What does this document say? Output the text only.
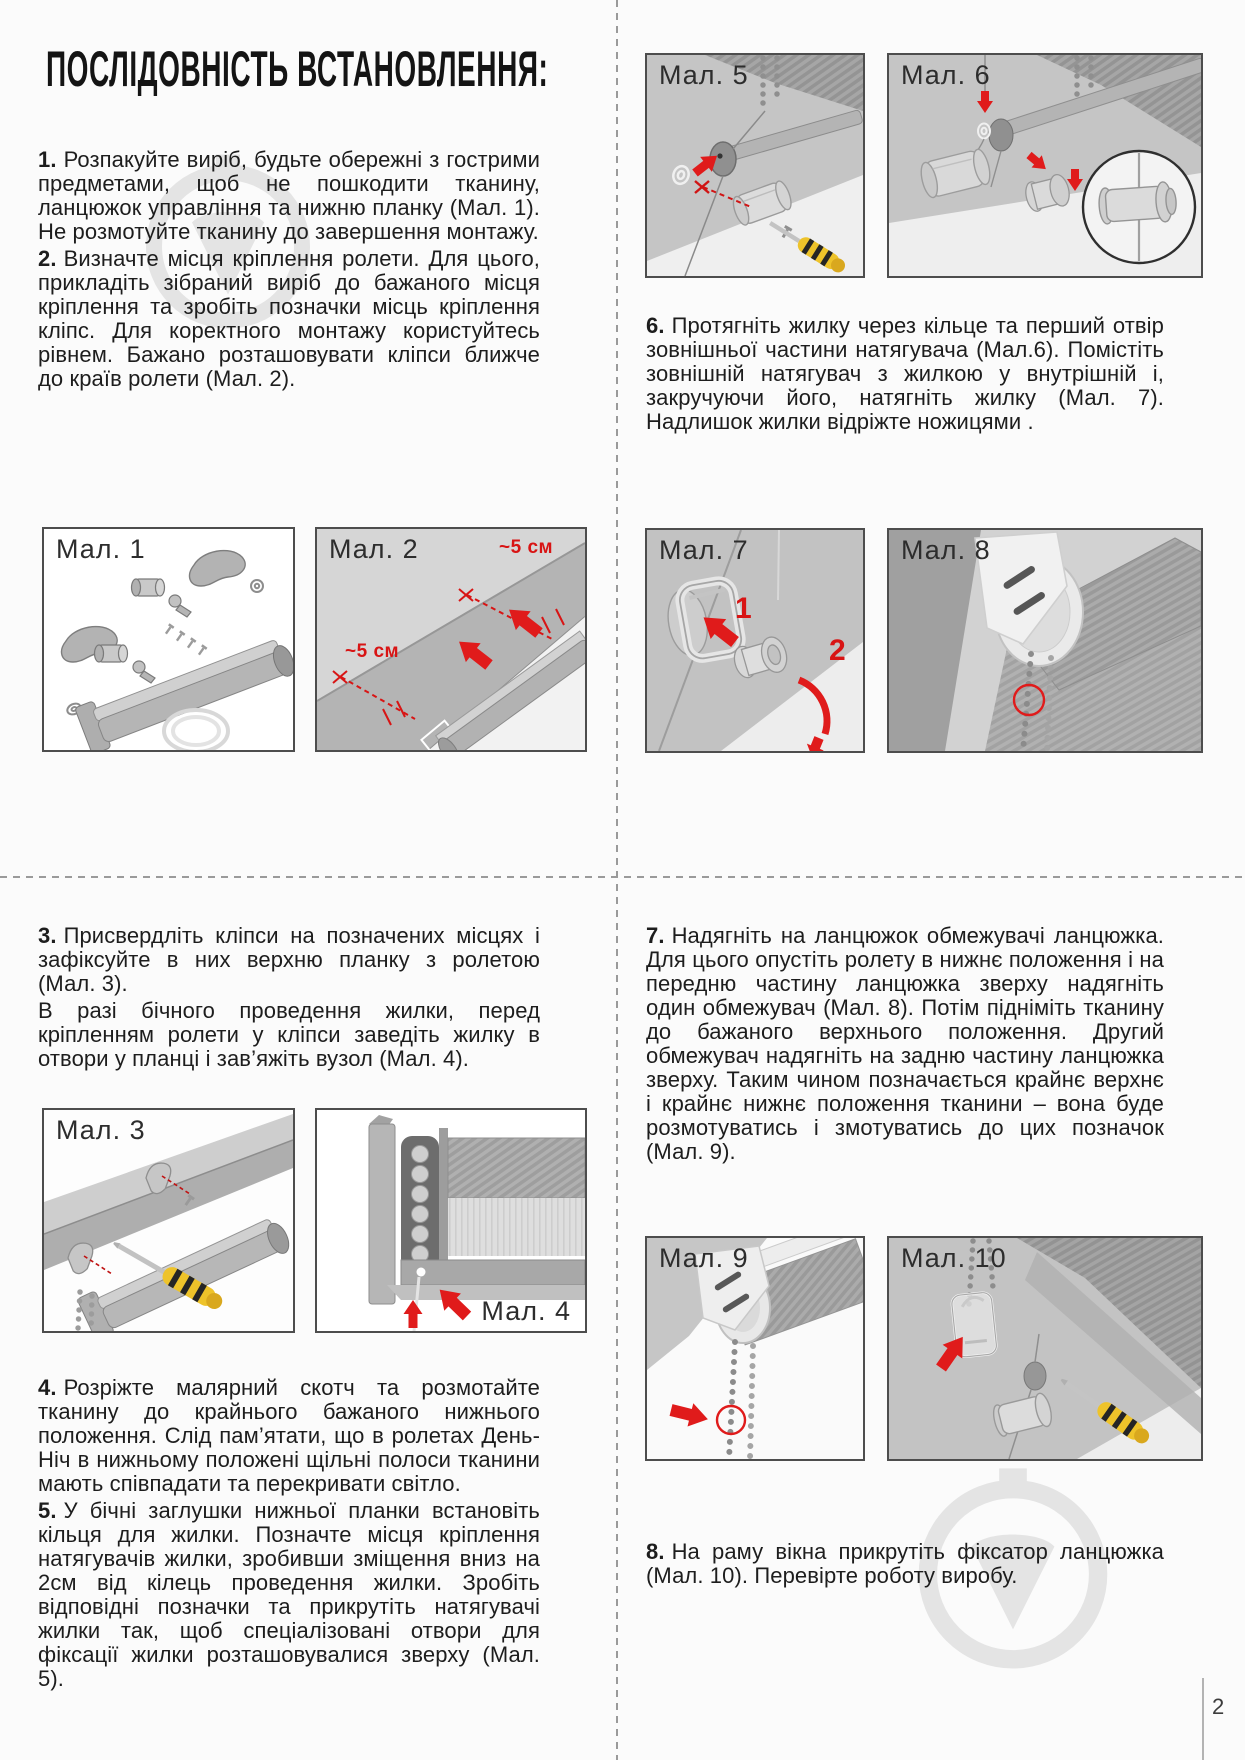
ПОСЛІДОВНІСТЬ ВСТАНОВЛЕННЯ:

1. Розпакуйте виріб, будьте обережні з гострими предметами, щоб не пошкодити тканину, ланцюжок управління та нижню планку (Мал. 1). Не розмотуйте тканину до завершення монтажу.

2. Визначте місця кріплення ролети. Для цього, прикладіть зібраний виріб до бажаного місця кріплення та зробіть позначки місць кріплення кліпс. Для коректного монтажу користуйтесь рівнем. Бажано розташовувати кліпси ближче до країв ролети (Мал. 2).

6. Протягніть жилку через кільце та перший отвір зовнішньої частини натягувача (Мал.6). Помістіть зовнішній натягувач з жилкою у внутрішній і, закручуючи його, натягніть жилку (Мал. 7). Надлишок жилки відріжте ножицями .

3. Присвердліть кліпси на позначених місцях і зафіксуйте в них верхню планку з ролетою (Мал. 3).

В разі бічного проведення жилки, перед кріпленням ролети у кліпси заведіть жилку в отвори у планці і зав’яжіть вузол (Мал. 4).

4. Розріжте малярний скотч та розмотайте тканину до крайнього бажаного нижнього положення. Слід пам’ятати, що в ролетах День-Ніч в нижньому положені щільні полоси тканини мають співпадати та перекривати світло.

5. У бічні заглушки нижньої планки встановіть кільця для жилки. Позначте місця кріплення натягувачів жилки, зробивши зміщення вниз на 2см від кілець проведення жилки. Зробіть відповідні позначки та прикрутіть натягувачі жилки так, щоб спеціалізовані отвори для фіксації жилки розташовувалися зверху (Мал. 5).

7. Надягніть на ланцюжок обмежувачі ланцюжка. Для цього опустіть ролету в нижнє положення і на передню частину ланцюжка зверху надягніть один обмежувач (Мал. 8). Потім підніміть тканину до бажаного верхнього положення. Другий обмежувач надягніть на задню частину ланцюжка зверху. Таким чином позначається крайнє верхнє і крайнє нижнє положення тканини – вона буде розмотуватись і змотуватись до цих позначок (Мал. 9).

8. На раму вікна прикрутіть фіксатор ланцюжка (Мал. 10). Перевірте роботу виробу.

Мал. 1	Мал. 2	~5 см
~5 см
Мал. 3
Мал. 4
Мал. 5	Мал. 6
Мал. 7
1
2
Мал. 8
Мал. 9	Мал. 10
2
